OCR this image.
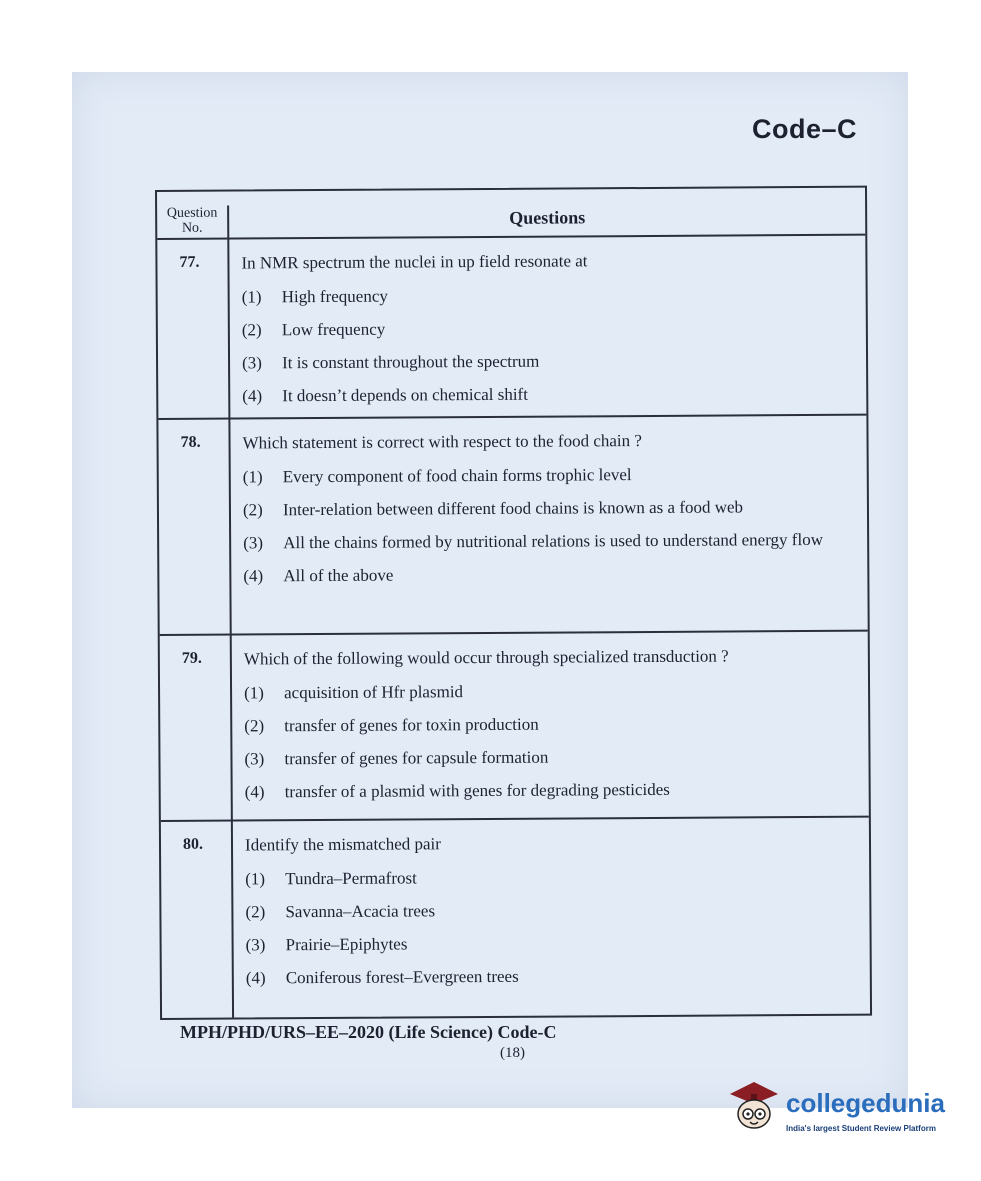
Code–C
Question No.
Questions
77. In NMR spectrum the nuclei in up field resonate at
(1)	High frequency
(2)	Low frequency
(3)	It is constant throughout the spectrum
(4)	It doesn’t depends on chemical shift
78. Which statement is correct with respect to the food chain ?
(1)	Every component of food chain forms trophic level
(2)	Inter-relation between different food chains is known as a food web
(3)	All the chains formed by nutritional relations is used to understand energy flow
(4)	All of the above
79. Which of the following would occur through specialized transduction ?
(1)	acquisition of Hfr plasmid
(2)	transfer of genes for toxin production
(3)	transfer of genes for capsule formation
(4)	transfer of a plasmid with genes for degrading pesticides
80. Identify the mismatched pair
(1)	Tundra–Permafrost
(2)	Savanna–Acacia trees
(3)	Prairie–Epiphytes
(4)	Coniferous forest–Evergreen trees
MPH/PHD/URS–EE–2020 (Life Science) Code-C
(18)
collegedunia
India's largest Student Review Platform
